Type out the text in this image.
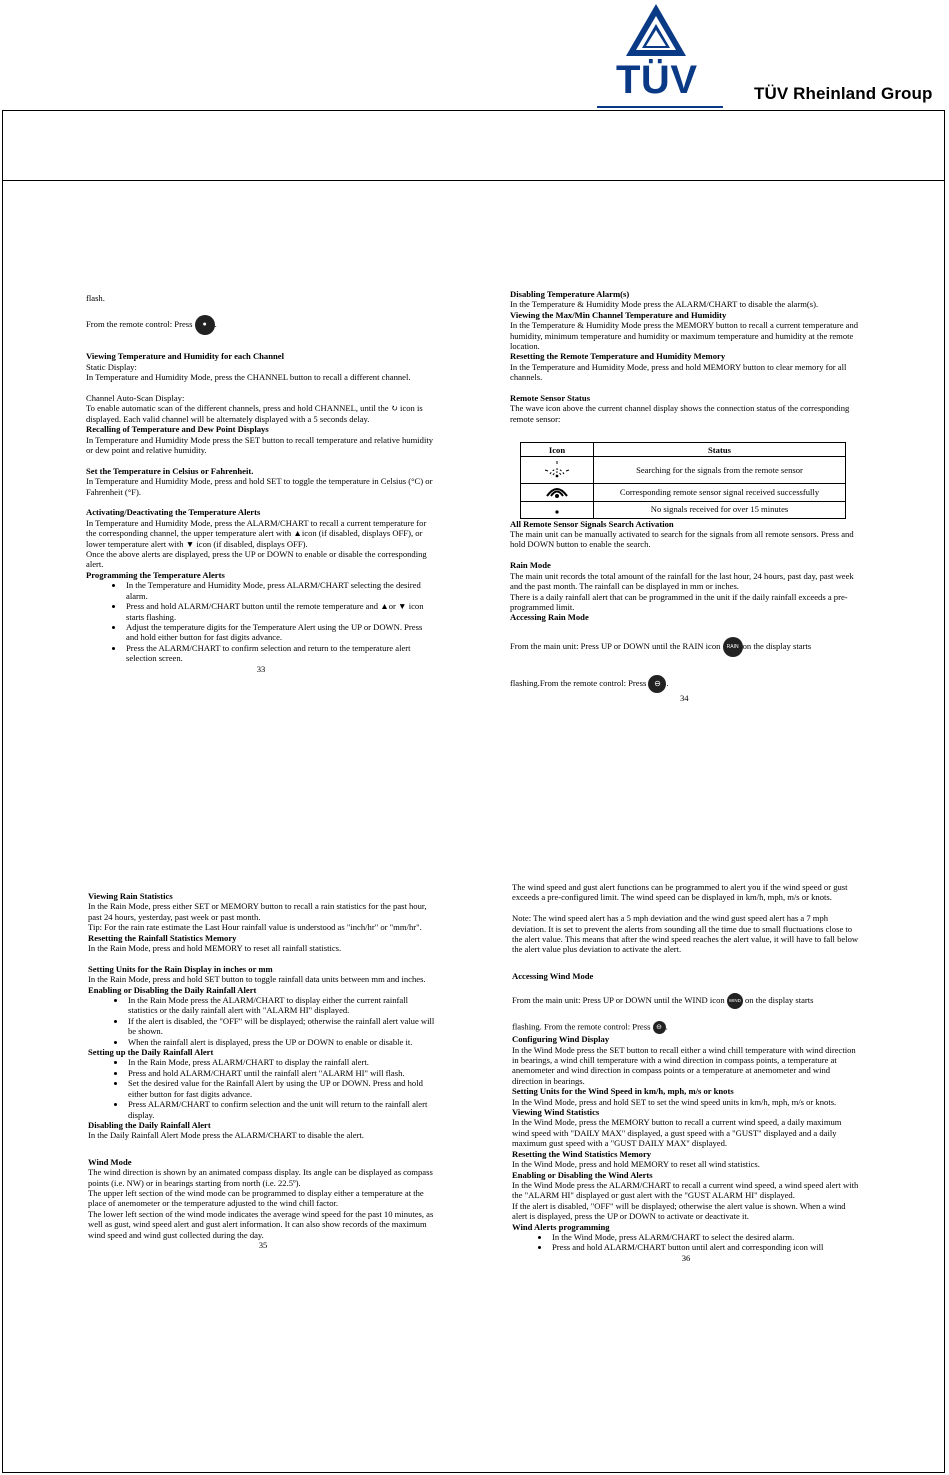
TÜV	TÜV Rheinland Group

flash.

From the remote control: Press ● .

Viewing Temperature and Humidity for each Channel

Static Display:

In Temperature and Humidity Mode, press the CHANNEL button to recall a different channel.

Channel Auto-Scan Display:

To enable automatic scan of the different channels, press and hold CHANNEL, until the ↻ icon is displayed. Each valid channel will be alternately displayed with a 5 seconds delay.

Recalling of Temperature and Dew Point Displays

In Temperature and Humidity Mode press the SET button to recall temperature and relative humidity or dew point and relative humidity.

Set the Temperature in Celsius or Fahrenheit.

In Temperature and Humidity Mode, press and hold SET to toggle the temperature in Celsius (°C) or Fahrenheit (°F).

Activating/Deactivating the Temperature Alerts

In Temperature and Humidity Mode, press the ALARM/CHART to recall a current temperature for the corresponding channel, the upper temperature alert with ▲icon (if disabled, displays OFF), or lower temperature alert with ▼ icon (if disabled, displays OFF).

Once the above alerts are displayed, press the UP or DOWN to enable or disable the corresponding alert.

Programming the Temperature Alerts

• In the Temperature and Humidity Mode, press ALARM/CHART selecting the desired alarm.
• Press and hold ALARM/CHART button until the remote temperature and ▲or ▼ icon starts flashing.
• Adjust the temperature digits for the Temperature Alert using the UP or DOWN. Press and hold either button for fast digits advance.
• Press the ALARM/CHART to confirm selection and return to the temperature alert selection screen.

33

Disabling Temperature Alarm(s)

In the Temperature & Humidity Mode press the ALARM/CHART to disable the alarm(s).

Viewing the Max/Min Channel Temperature and Humidity

In the Temperature & Humidity Mode press the MEMORY button to recall a current temperature and humidity, minimum temperature and humidity or maximum temperature and humidity at the remote location.

Resetting the Remote Temperature and Humidity Memory

In the Temperature and Humidity Mode, press and hold MEMORY button to clear memory for all channels.

Remote Sensor Status

The wave icon above the current channel display shows the connection status of the corresponding remote sensor:

Icon	Status
	Searching for the signals from the remote sensor
	Corresponding remote sensor signal received successfully
	No signals received for over 15 minutes

All Remote Sensor Signals Search Activation

The main unit can be manually activated to search for the signals from all remote sensors. Press and hold DOWN button to enable the search.

Rain Mode

The main unit records the total amount of the rainfall for the last hour, 24 hours, past day, past week and the past month. The rainfall can be displayed in mm or inches.

There is a daily rainfall alert that can be programmed in the unit if the daily rainfall exceeds a pre-programmed limit.

Accessing Rain Mode

From the main unit: Press UP or DOWN until the RAIN icon RAIN on the display starts

flashing.From the remote control: Press ⊖ .

34

Viewing Rain Statistics

In the Rain Mode, press either SET or MEMORY button to recall a rain statistics for the past hour, past 24 hours, yesterday, past week or past month.

Tip: For the rain rate estimate the Last Hour rainfall value is understood as "inch/hr" or "mm/hr".

Resetting the Rainfall Statistics Memory

In the Rain Mode, press and hold MEMORY to reset all rainfall statistics.

Setting Units for the Rain Display in inches or mm

In the Rain Mode, press and hold SET button to toggle rainfall data units between mm and inches.

Enabling or Disabling the Daily Rainfall Alert

• In the Rain Mode press the ALARM/CHART to display either the current rainfall statistics or the daily rainfall alert with "ALARM HI" displayed.
• If the alert is disabled, the "OFF" will be displayed; otherwise the rainfall alert value will be shown.
• When the rainfall alert is displayed, press the UP or DOWN to enable or disable it.

Setting up the Daily Rainfall Alert

• In the Rain Mode, press ALARM/CHART to display the rainfall alert.
• Press and hold ALARM/CHART until the rainfall alert "ALARM HI" will flash.
• Set the desired value for the Rainfall Alert by using the UP or DOWN. Press and hold either button for fast digits advance.
• Press ALARM/CHART to confirm selection and the unit will return to the rainfall alert display.

Disabling the Daily Rainfall Alert

In the Daily Rainfall Alert Mode press the ALARM/CHART to disable the alert.

Wind Mode

The wind direction is shown by an animated compass display. Its angle can be displayed as compass points (i.e. NW) or in bearings starting from north (i.e. 22.5º).

The upper left section of the wind mode can be programmed to display either a temperature at the place of anemometer or the temperature adjusted to the wind chill factor.

The lower left section of the wind mode indicates the average wind speed for the past 10 minutes, as well as gust, wind speed alert and gust alert information. It can also show records of the maximum wind speed and wind gust collected during the day.

35

The wind speed and gust alert functions can be programmed to alert you if the wind speed or gust exceeds a pre-configured limit. The wind speed can be displayed in km/h, mph, m/s or knots.

Note: The wind speed alert has a 5 mph deviation and the wind gust speed alert has a 7 mph deviation. It is set to prevent the alerts from sounding all the time due to small fluctuations close to the alert value. This means that after the wind speed reaches the alert value, it will have to fall below the alert value plus deviation to activate the alert.

Accessing Wind Mode

From the main unit: Press UP or DOWN until the WIND icon WIND on the display starts

flashing. From the remote control: Press ⊖ .

Configuring Wind Display

In the Wind Mode press the SET button to recall either a wind chill temperature with wind direction in bearings, a wind chill temperature with a wind direction in compass points, a temperature at anemometer and wind direction in compass points or a temperature at anemometer and wind direction in bearings.

Setting Units for the Wind Speed in km/h, mph, m/s or knots

In the Wind Mode, press and hold SET to set the wind speed units in km/h, mph, m/s or knots.

Viewing Wind Statistics

In the Wind Mode, press the MEMORY button to recall a current wind speed, a daily maximum wind speed with "DAILY MAX" displayed, a gust speed with a "GUST" displayed and a daily maximum gust speed with a "GUST DAILY MAX" displayed.

Resetting the Wind Statistics Memory

In the Wind Mode, press and hold MEMORY to reset all wind statistics.

Enabling or Disabling the Wind Alerts

In the Wind Mode press the ALARM/CHART to recall a current wind speed, a wind speed alert with the "ALARM HI" displayed or gust alert with the "GUST ALARM HI" displayed.

If the alert is disabled, "OFF" will be displayed; otherwise the alert value is shown. When a wind alert is displayed, press the UP or DOWN to activate or deactivate it.

Wind Alerts programming

• In the Wind Mode, press ALARM/CHART to select the desired alarm.
• Press and hold ALARM/CHART button until alert and corresponding icon will

36
